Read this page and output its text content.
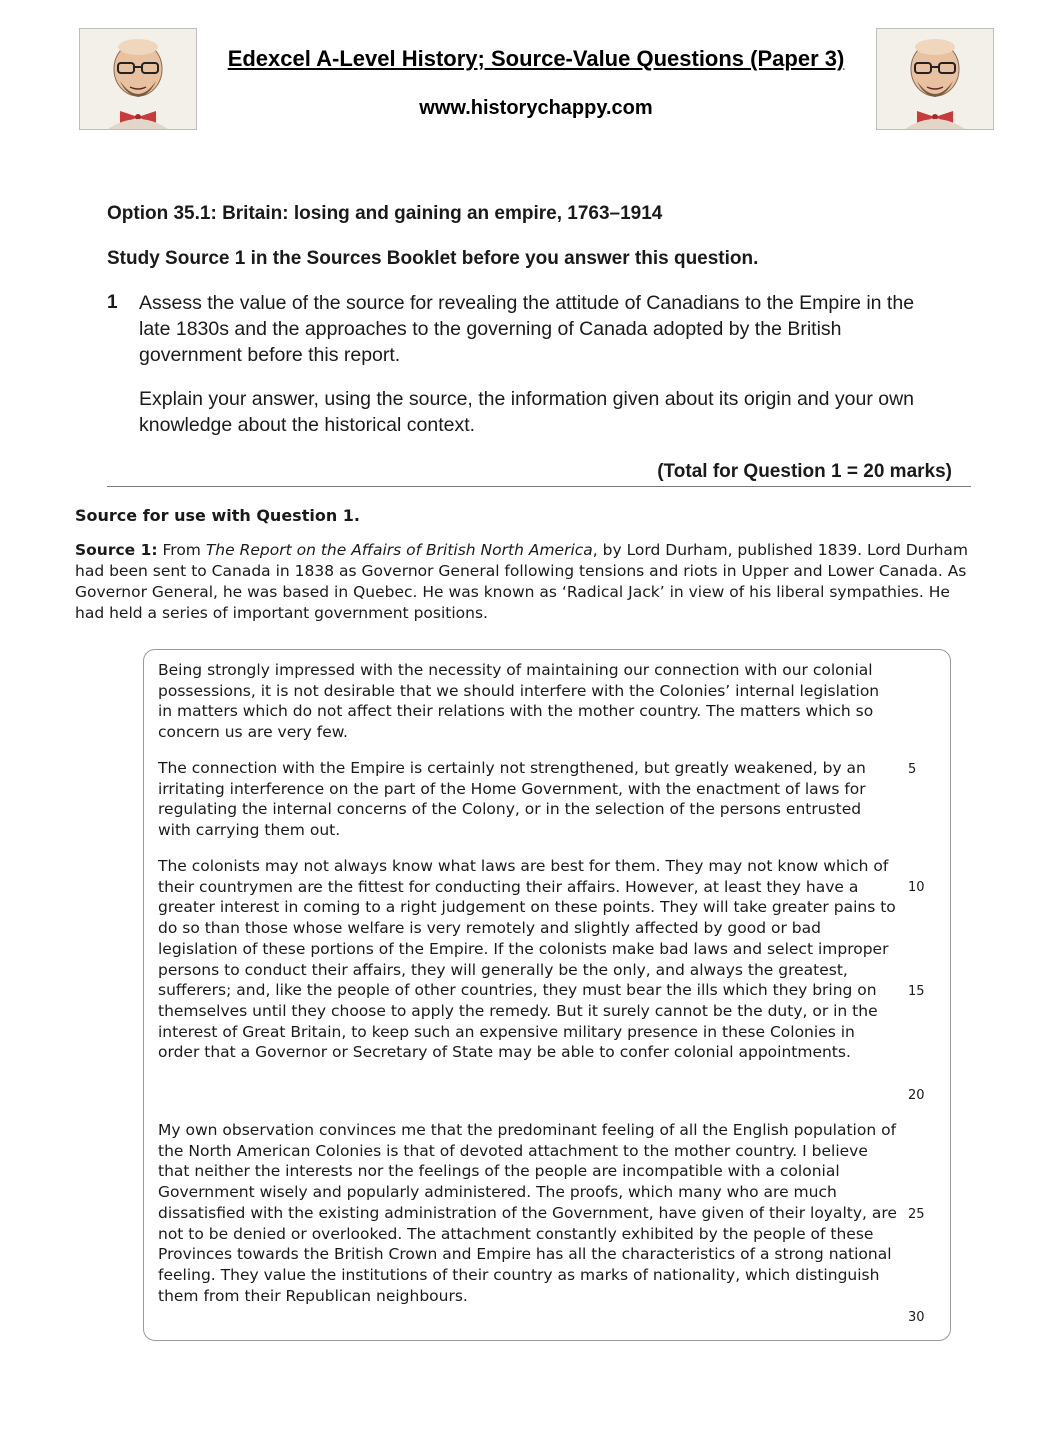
Edexcel A-Level History; Source-Value Questions (Paper 3)
www.historychappy.com
Option 35.1: Britain: losing and gaining an empire, 1763–1914
Study Source 1 in the Sources Booklet before you answer this question.
1 Assess the value of the source for revealing the attitude of Canadians to the Empire in the late 1830s and the approaches to the governing of Canada adopted by the British government before this report.

Explain your answer, using the source, the information given about its origin and your own knowledge about the historical context.

(Total for Question 1 = 20 marks)
Source for use with Question 1.

Source 1: From The Report on the Affairs of British North America, by Lord Durham, published 1839. Lord Durham had been sent to Canada in 1838 as Governor General following tensions and riots in Upper and Lower Canada. As Governor General, he was based in Quebec. He was known as ‘Radical Jack’ in view of his liberal sympathies. He had held a series of important government positions.

Being strongly impressed with the necessity of maintaining our connection with our colonial possessions, it is not desirable that we should interfere with the Colonies’ internal legislation in matters which do not affect their relations with the mother country. The matters which so concern us are very few.

The connection with the Empire is certainly not strengthened, but greatly weakened, by an irritating interference on the part of the Home Government, with the enactment of laws for regulating the internal concerns of the Colony, or in the selection of the persons entrusted with carrying them out.

The colonists may not always know what laws are best for them. They may not know which of their countrymen are the fittest for conducting their affairs. However, at least they have a greater interest in coming to a right judgement on these points. They will take greater pains to do so than those whose welfare is very remotely and slightly affected by good or bad legislation of these portions of the Empire. If the colonists make bad laws and select improper persons to conduct their affairs, they will generally be the only, and always the greatest, sufferers; and, like the people of other countries, they must bear the ills which they bring on themselves until they choose to apply the remedy. But it surely cannot be the duty, or in the interest of Great Britain, to keep such an expensive military presence in these Colonies in order that a Governor or Secretary of State may be able to confer colonial appointments.

My own observation convinces me that the predominant feeling of all the English population of the North American Colonies is that of devoted attachment to the mother country. I believe that neither the interests nor the feelings of the people are incompatible with a colonial Government wisely and popularly administered. The proofs, which many who are much dissatisfied with the existing administration of the Government, have given of their loyalty, are not to be denied or overlooked. The attachment constantly exhibited by the people of these Provinces towards the British Crown and Empire has all the characteristics of a strong national feeling. They value the institutions of their country as marks of nationality, which distinguish them from their Republican neighbours.

5
10
15
20
25
30
